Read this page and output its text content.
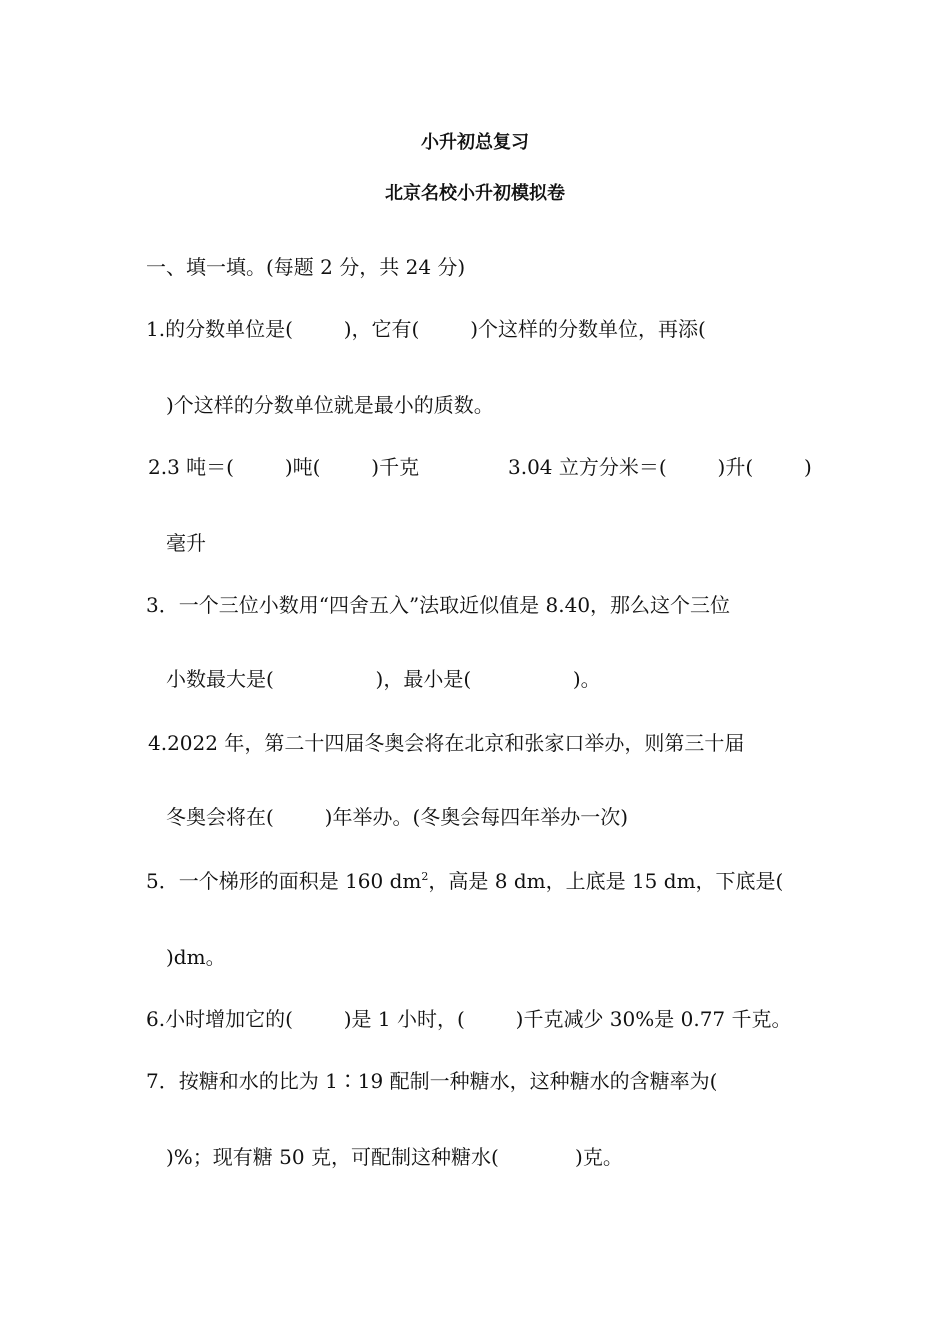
小升初总复习
北京名校小升初模拟卷
一、填一填。(每题 2 分，共 24 分)
1.的分数单位是(        )，它有(        )个这样的分数单位，再添(
)个这样的分数单位就是最小的质数。
2.3 吨＝(        )吨(        )千克	3.04 立方分米＝(        )升(        )
毫升
3．一个三位小数用“四舍五入”法取近似值是 8.40，那么这个三位
小数最大是(                )，最小是(                )。
4.2022 年，第二十四届冬奥会将在北京和张家口举办，则第三十届
冬奥会将在(        )年举办。(冬奥会每四年举办一次)
5．一个梯形的面积是 160 $dm^2$，高是 8 dm，上底是 15 dm，下底是(
)dm。
6.小时增加它的(        )是 1 小时，(        )千克减少 30%是 0.77 千克。
7．按糖和水的比为 1∶19 配制一种糖水，这种糖水的含糖率为(
)%；现有糖 50 克，可配制这种糖水(            )克。
